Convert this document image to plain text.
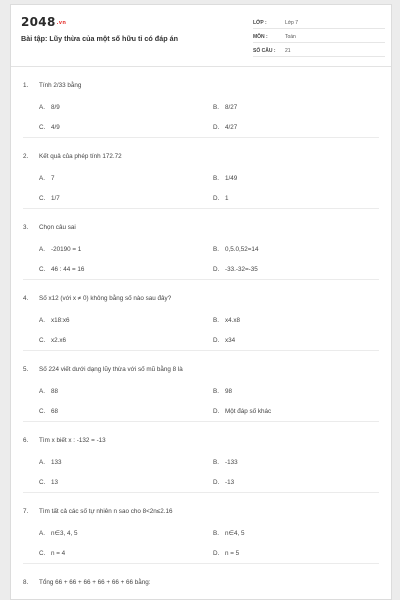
2048.vn
Bài tập: Lũy thừa của một số hữu tỉ có đáp án
LỚP :	Lớp 7
MÔN :	Toán
SỐ CÂU :	21
1. Tính 2/33 bằng
A. 8/9	B. 8/27
C. 4/9	D. 4/27
2. Kết quả của phép tính 172.72
A. 7	B. 1/49
C. 1/7	D. 1
3. Chọn câu sai
A. -20190 = 1	B. 0,5.0,52=14
C. 46 : 44 = 16	D. -33.-32=-35
4. Số x12 (với x ≠ 0) không bằng số nào sau đây?
A. x18:x6	B. x4.x8
C. x2.x6	D. x34
5. Số 224 viết dưới dạng lũy thừa với số mũ bằng 8 là
A. 88	B. 98
C. 68	D. Một đáp số khác
6. Tìm x biết x : -132 = -13
A. 133	B. -133
C. 13	D. -13
7. Tìm tất cả các số tự nhiên n sao cho 8<2n≤2.16
A. n∈3, 4, 5	B. n∈4, 5
C. n = 4	D. n = 5
8. Tổng 66 + 66 + 66 + 66 + 66 + 66 bằng:
